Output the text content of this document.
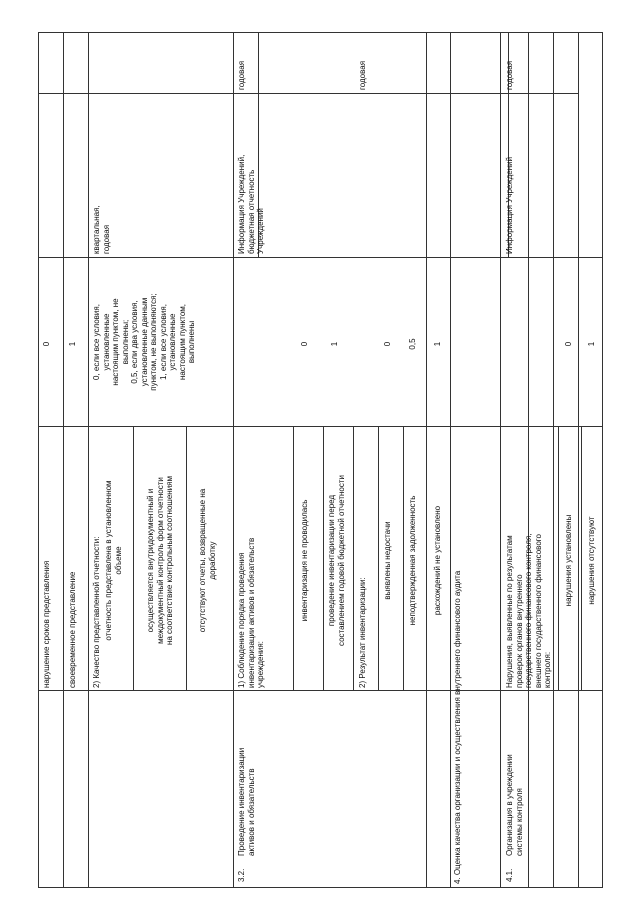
нарушение сроков представления
0
своевременное представление
1
2) Качество представленной отчетности:
квартальная,
годовая
отчетность представлена в установленном
объеме
0, если все условия,
установленные
настоящим пунктом, не
выполнены;
0,5, если два условия,
установленные данным
пунктом, не выполняются;
1, если все условия,
установленные
настоящим пунктом,
выполнены
осуществляется внутридокументный и
междокументный контроль форм отчетности
на соответствие контрольным соотношениям
отсутствуют отчеты, возвращенные на
доработку
3.2.
Проведение инвентаризации
активов и обязательств
1) Соблюдение порядка проведения
инвентаризации активов и обязательств
учреждения:
Информация Учреждений,
бюджетная отчетность
Учреждений
годовая
инвентаризация не проводилась
0
проведение инвентаризации перед
составлением годовой бюджетной отчетности
1
2) Результат инвентаризации:
годовая
выявлены недостачи
0
неподтвержденная задолженность
0,5
расхождений не установлено
1
4. Оценка качества организации и осуществления внутреннего финансового аудита	4.1.
Организация в учреждении
системы контроля
Нарушения, выявленные по результатам
проверок органов внутреннего
государственного финансового контроля,
внешнего государственного финансового
контроля:
Информация Учреждений
годовая
нарушения установлены
0
нарушения отсутствуют
1
